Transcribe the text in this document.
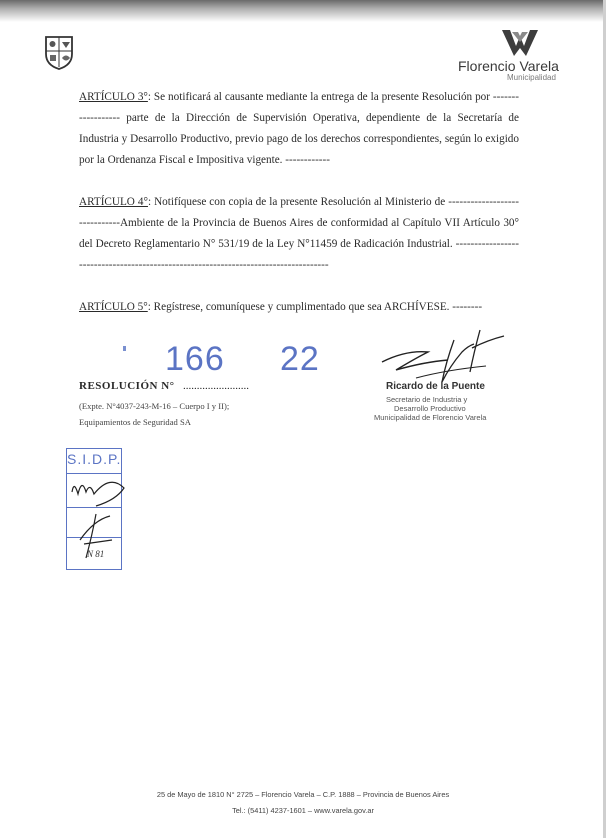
Florencio Varela
Municipalidad

ARTÍCULO 3°: Se notificará al causante mediante la entrega de la presente Resolución por ------------------ parte de la Dirección de Supervisión Operativa, dependiente de la Secretaría de Industria y Desarrollo Productivo, previo pago de los derechos correspondientes, según lo exigido por la Ordenanza Fiscal e Impositiva vigente. ------------

ARTÍCULO 4°: Notifíquese con copia de la presente Resolución al Ministerio de ------------------------------Ambiente de la Provincia de Buenos Aires de conformidad al Capítulo VII Artículo 30° del Decreto Reglamentario N° 531/19 de la Ley N°11459 de Radicación Industrial. ------------------------------------------------------------------------------------

ARTÍCULO 5°: Regístrese, comuníquese y cumplimentado que sea ARCHÍVESE. --------

166 22
RESOLUCIÓN N° ........................
(Expte. N°4037-243-M-16 – Cuerpo I y II);
Equipamientos de Seguridad SA
Ricardo de la Puente
Secretario de Industria y
Desarrollo Productivo
Municipalidad de Florencio Varela
S.I.D.P.
N 81
25 de Mayo de 1810 N° 2725 – Florencio Varela – C.P. 1888 – Provincia de Buenos Aires
Tel.: (5411) 4237-1601 – www.varela.gov.ar
